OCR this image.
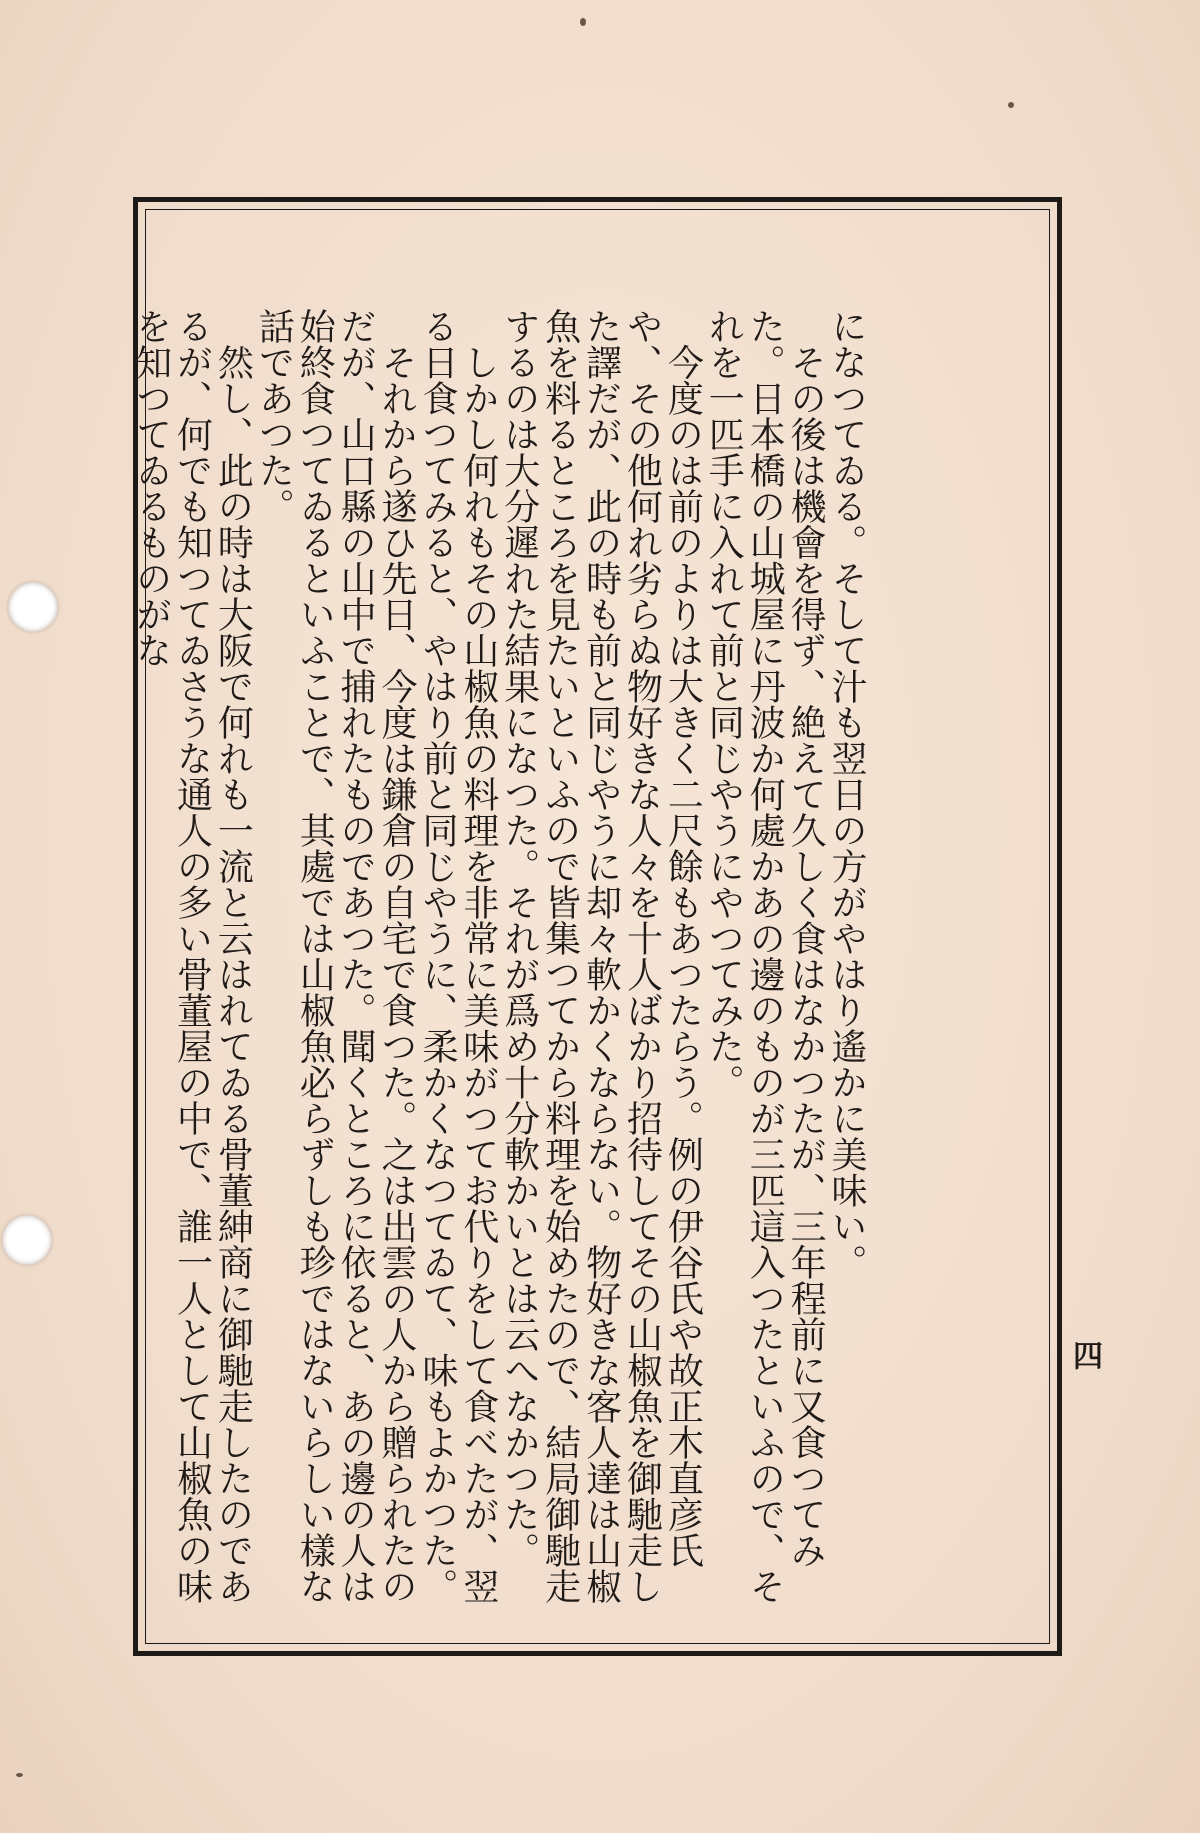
になつてゐる。そして汁も翌日の方がやはり遙かに美味い。

その後は機會を得ず、絶えて久しく食はなかつたが、三年程前に又食つてみた。日本橋の山城屋に丹波か何處かあの邊のものが三匹這入つたといふので、それを一匹手に入れて前と同じやうにやつてみた。

今度のは前のよりは大きく二尺餘もあつたらう。例の伊谷氏や故正木直彦氏や、その他何れ劣らぬ物好きな人々を十人ばかり招待してその山椒魚を御馳走した譯だが、此の時も前と同じやうに却々軟かくならない。物好きな客人達は山椒魚を料るところを見たいといふので皆集つてから料理を始めたので、結局御馳走するのは大分遲れた結果になつた。それが爲め十分軟かいとは云へなかつた。

しかし何れもその山椒魚の料理を非常に美味がつてお代りをして食べたが、翌る日食つてみると、やはり前と同じやうに、柔かくなつてゐて、味もよかつた。

それから遂ひ先日、今度は鎌倉の自宅で食つた。之は出雲の人から贈られたのだが、山口縣の山中で捕れたものであつた。聞くところに依ると、あの邊の人は始終食つてゐるといふことで、其處では山椒魚必らずしも珍ではないらしい樣な話であつた。

然し、此の時は大阪で何れも一流と云はれてゐる骨董紳商に御馳走したのであるが、何でも知つてゐさうな通人の多い骨董屋の中で、誰一人として山椒魚の味を知つてゐるものがな

四
